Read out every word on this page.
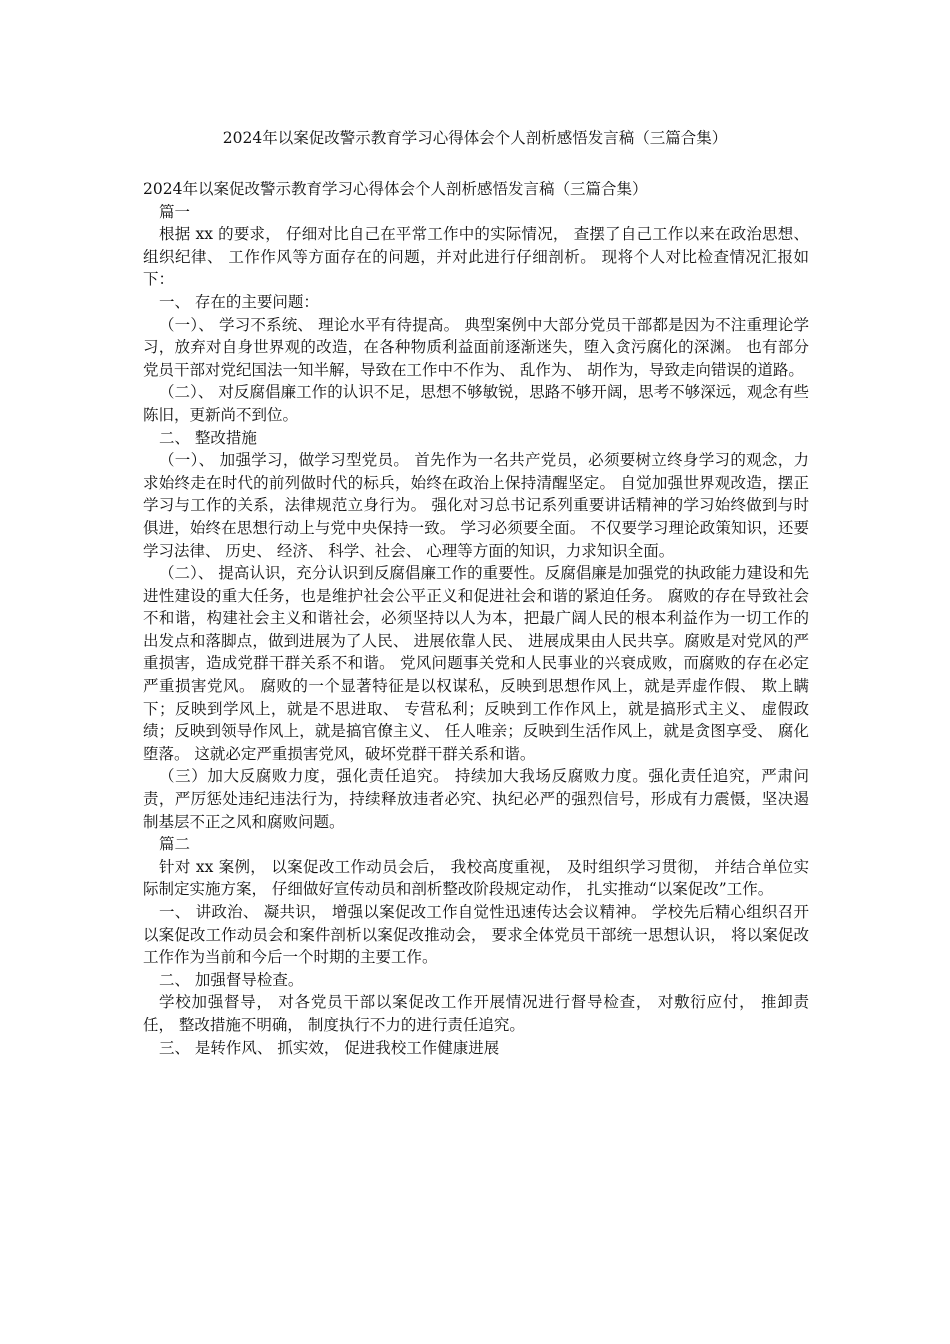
2024年以案促改警示教育学习心得体会个人剖析感悟发言稿（三篇合集）

2024年以案促改警示教育学习心得体会个人剖析感悟发言稿（三篇合集）

篇一

根据 xx 的要求， 仔细对比自己在平常工作中的实际情况， 查摆了自己工作以来在政治思想、 组织纪律、 工作作风等方面存在的问题，并对此进行仔细剖析。 现将个人对比检查情况汇报如下：

一、 存在的主要问题：

（一）、 学习不系统、 理论水平有待提高。 典型案例中大部分党员干部都是因为不注重理论学习，放弃对自身世界观的改造，在各种物质利益面前逐渐迷失，堕入贪污腐化的深渊。 也有部分党员干部对党纪国法一知半解，导致在工作中不作为、 乱作为、 胡作为，导致走向错误的道路。

（二）、 对反腐倡廉工作的认识不足，思想不够敏锐，思路不够开阔，思考不够深远，观念有些陈旧，更新尚不到位。

二、 整改措施

（一）、 加强学习，做学习型党员。 首先作为一名共产党员，必须要树立终身学习的观念，力求始终走在时代的前列做时代的标兵，始终在政治上保持清醒坚定。 自觉加强世界观改造，摆正学习与工作的关系，法律规范立身行为。 强化对习总书记系列重要讲话精神的学习始终做到与时俱进，始终在思想行动上与党中央保持一致。 学习必须要全面。 不仅要学习理论政策知识，还要学习法律、 历史、 经济、 科学、社会、 心理等方面的知识，力求知识全面。

（二）、 提高认识，充分认识到反腐倡廉工作的重要性。反腐倡廉是加强党的执政能力建设和先进性建设的重大任务，也是维护社会公平正义和促进社会和谐的紧迫任务。 腐败的存在导致社会不和谐，构建社会主义和谐社会，必须坚持以人为本，把最广阔人民的根本利益作为一切工作的出发点和落脚点，做到进展为了人民、 进展依靠人民、 进展成果由人民共享。腐败是对党风的严重损害，造成党群干群关系不和谐。 党风问题事关党和人民事业的兴衰成败，而腐败的存在必定严重损害党风。 腐败的一个显著特征是以权谋私，反映到思想作风上，就是弄虚作假、 欺上瞒下；反映到学风上，就是不思进取、 专营私利；反映到工作作风上，就是搞形式主义、 虚假政绩；反映到领导作风上，就是搞官僚主义、 任人唯亲；反映到生活作风上，就是贪图享受、 腐化堕落。 这就必定严重损害党风，破坏党群干群关系和谐。

（三）加大反腐败力度，强化责任追究。 持续加大我场反腐败力度。强化责任追究，严肃问责，严厉惩处违纪违法行为，持续释放违者必究、执纪必严的强烈信号，形成有力震慑，坚决遏制基层不正之风和腐败问题。

篇二

针对 xx 案例， 以案促改工作动员会后， 我校高度重视， 及时组织学习贯彻， 并结合单位实际制定实施方案， 仔细做好宣传动员和剖析整改阶段规定动作， 扎实推动“以案促改”工作。

一、 讲政治、 凝共识， 增强以案促改工作自觉性迅速传达会议精神。 学校先后精心组织召开以案促改工作动员会和案件剖析以案促改推动会， 要求全体党员干部统一思想认识， 将以案促改工作作为当前和今后一个时期的主要工作。

二、 加强督导检查。

学校加强督导， 对各党员干部以案促改工作开展情况进行督导检查， 对敷衍应付， 推卸责任， 整改措施不明确， 制度执行不力的进行责任追究。

三、 是转作风、 抓实效， 促进我校工作健康进展
